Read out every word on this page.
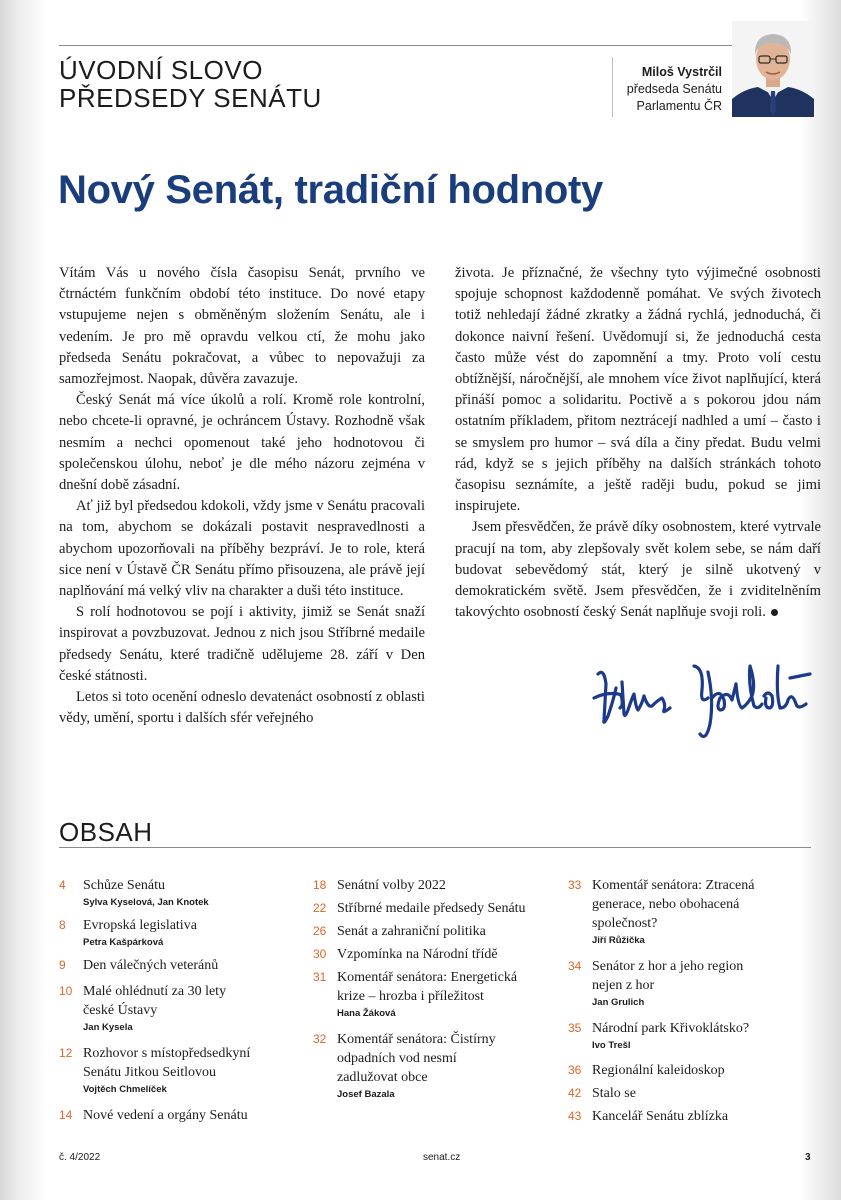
ÚVODNÍ SLOVO
PŘEDSEDY SENÁTU
Miloš Vystrčil
předseda Senátu
Parlamentu ČR
Nový Senát, tradiční hodnoty

Vítám Vás u nového čísla časopisu Senát, prvního ve čtrnáctém funkčním období této instituce. Do nové etapy vstupujeme nejen s obměněným složením Senátu, ale i vedením. Je pro mě opravdu velkou ctí, že mohu jako předseda Senátu pokračovat, a vůbec to nepovažuji za samozřejmost. Naopak, důvěra zavazuje.

Český Senát má více úkolů a rolí. Kromě role kontrolní, nebo chcete-li opravné, je ochráncem Ústavy. Rozhodně však nesmím a nechci opomenout také jeho hodnotovou či společenskou úlohu, neboť je dle mého názoru zejména v dnešní době zásadní.

Ať již byl předsedou kdokoli, vždy jsme v Senátu pracovali na tom, abychom se dokázali postavit nespravedlnosti a abychom upozorňovali na příběhy bezpráví. Je to role, která sice není v Ústavě ČR Senátu přímo přisouzena, ale právě její naplňování má velký vliv na charakter a duši této instituce.

S rolí hodnotovou se pojí i aktivity, jimiž se Senát snaží inspirovat a povzbuzovat. Jednou z nich jsou Stříbrné medaile předsedy Senátu, které tradičně udělujeme 28. září v Den české státnosti.

Letos si toto ocenění odneslo devatenáct osobností z oblasti vědy, umění, sportu i dalších sfér veřejného

života. Je příznačné, že všechny tyto výjimečné osobnosti spojuje schopnost každodenně pomáhat. Ve svých životech totiž nehledají žádné zkratky a žádná rychlá, jednoduchá, či dokonce naivní řešení. Uvědomují si, že jednoduchá cesta často může vést do zapomnění a tmy. Proto volí cestu obtížnější, náročnější, ale mnohem více život naplňující, která přináší pomoc a solidaritu. Poctivě a s pokorou jdou nám ostatním příkladem, přitom neztrácejí nadhled a umí – často i se smyslem pro humor – svá díla a činy předat. Budu velmi rád, když se s jejich příběhy na dalších stránkách tohoto časopisu seznámíte, a ještě raději budu, pokud se jimi inspirujete.

Jsem přesvědčen, že právě díky osobnostem, které vytrvale pracují na tom, aby zlepšovaly svět kolem sebe, se nám daří budovat sebevědomý stát, který je silně ukotvený v demokratickém světě. Jsem přesvědčen, že i zviditelněním takovýchto osobností český Senát naplňuje svoji roli.

OBSAH
4 Schůze Senátu
Sylva Kyselová, Jan Knotek
8 Evropská legislativa
Petra Kašpárková
9 Den válečných veteránů
10 Malé ohlédnutí za 30 lety české Ústavy
Jan Kysela
12 Rozhovor s místopředsedkyní Senátu Jitkou Seitlovou
Vojtěch Chmelíček
14 Nové vedení a orgány Senátu
18 Senátní volby 2022
22 Stříbrné medaile předsedy Senátu
26 Senát a zahraniční politika
30 Vzpomínka na Národní třídě
31 Komentář senátora: Energetická krize – hrozba i příležitost
Hana Žáková
32 Komentář senátora: Čistírny odpadních vod nesmí zadlužovat obce
Josef Bazala
33 Komentář senátora: Ztracená generace, nebo obohacená společnost?
Jiří Růžička
34 Senátor z hor a jeho region nejen z hor
Jan Grulich
35 Národní park Křivoklátsko?
Ivo Trešl
36 Regionální kaleidoskop
42 Stalo se
43 Kancelář Senátu zblízka
č. 4/2022	senat.cz	3
